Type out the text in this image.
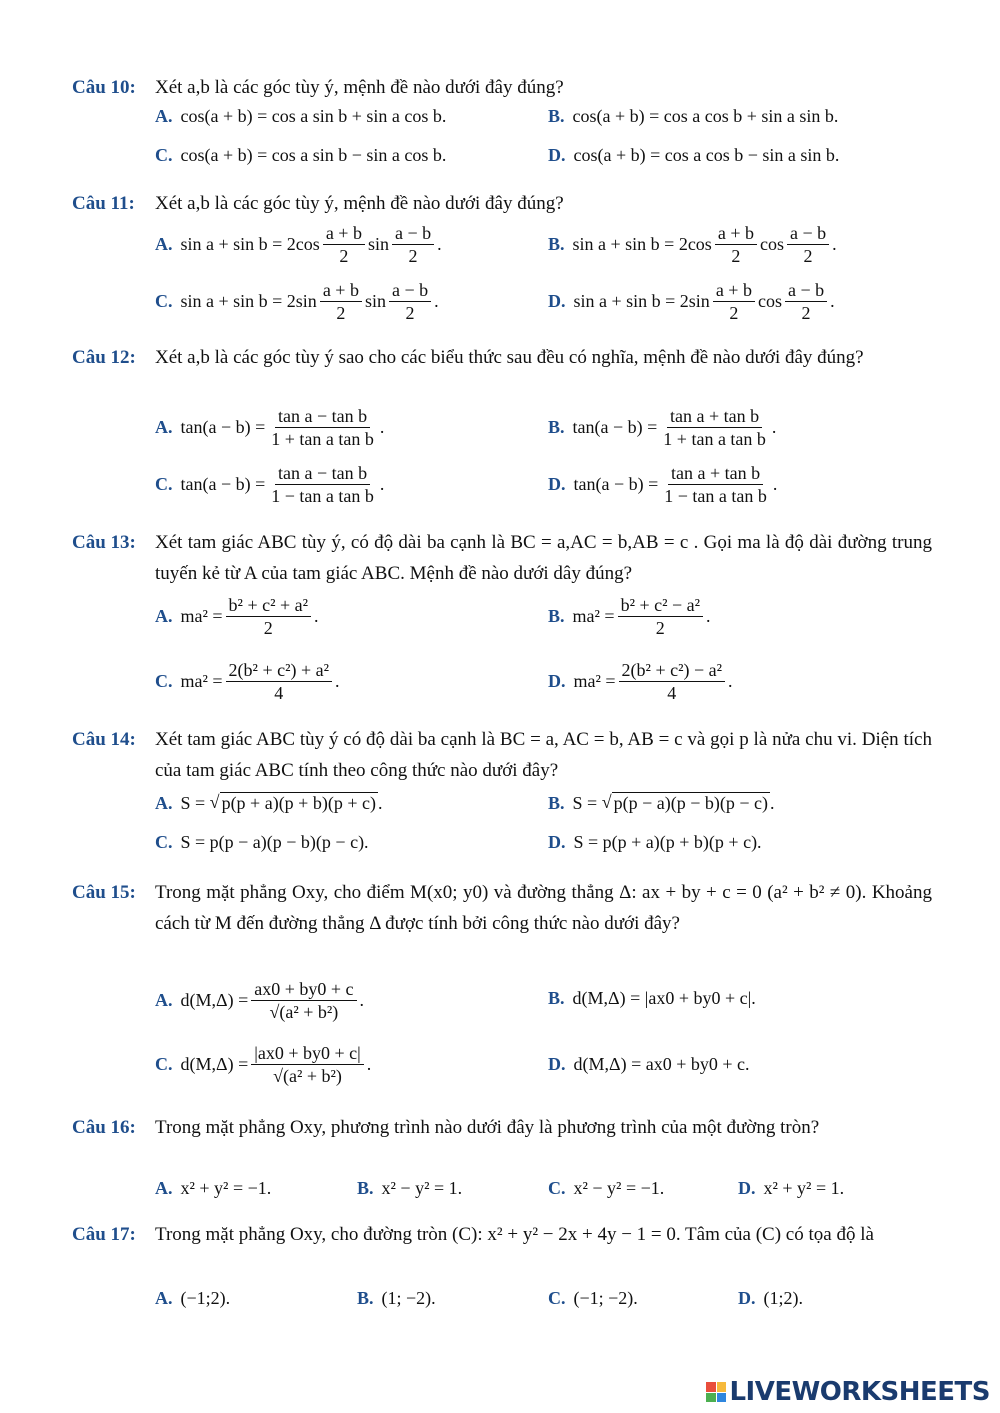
Câu 10:	Xét a,b là các góc tùy ý, mệnh đề nào dưới đây đúng?
A. cos(a + b) = cos a sin b + sin a cos b.	B. cos(a + b) = cos a cos b + sin a sin b.
C. cos(a + b) = cos a sin b − sin a cos b.	D. cos(a + b) = cos a cos b − sin a sin b.
Câu 11:	Xét a,b là các góc tùy ý, mệnh đề nào dưới đây đúng?
A. $\sin a + \sin b = 2\cos \frac{a + b}{2}$ $\sin \frac{a - b}{2}$ .	B. $\sin a + \sin b = 2\cos \frac{a + b}{2}$ $\cos \frac{a - b}{2}$ .
C. $\sin a + \sin b = 2\sin \frac{a + b}{2}$ $\sin \frac{a - b}{2}$ .	D. $\sin a + \sin b = 2\sin \frac{a + b}{2}$ $\cos \frac{a - b}{2}$ .
Câu 12:	Xét a,b là các góc tùy ý sao cho các biểu thức sau đều có nghĩa, mệnh đề nào dưới đây đúng?
A. $\tan(a - b) = \frac{\text{tan a − tan b}}{\text{1 + tan a tan b}}$ .	B. $\tan(a - b) = \frac{\text{tan a + tan b}}{\text{1 + tan a tan b}}$ .
C. $\tan(a - b) = \frac{\text{tan a − tan b}}{\text{1 − tan a tan b}}$ .	D. $\tan(a - b) = \frac{\text{tan a + tan b}}{\text{1 − tan a tan b}}$ .
Câu 13:	Xét tam giác ABC tùy ý, có độ dài ba cạnh là BC = a,AC = b,AB = c . Gọi ma là độ dài đường trung tuyến kẻ từ A của tam giác ABC. Mệnh đề nào dưới dây đúng?
A. $ma^2 = \frac{\text{b² + c² + a²}}{2}$ .	B. $ma^2 = \frac{\text{b² + c² − a²}}{2}$ .
C. $ma^2 = \frac{\text{2(b² + c²) + a²}}{4}$ .	D. $ma^2 = \frac{\text{2(b² + c²) − a²}}{4}$ .
Câu 14:	Xét tam giác ABC tùy ý có độ dài ba cạnh là BC = a, AC = b, AB = c và gọi p là nửa chu vi. Diện tích của tam giác ABC tính theo công thức nào dưới đây?
A. S = √ p(p + a)(p + b)(p + c) .	B. S = √ p(p − a)(p − b)(p − c) .
C. S = p(p − a)(p − b)(p − c).	D. S = p(p + a)(p + b)(p + c).
Câu 15:	Trong mặt phẳng Oxy, cho điểm M(x0; y0) và đường thẳng Δ: ax + by + c = 0 (a² + b² ≠ 0). Khoảng cách từ M đến đường thẳng Δ được tính bởi công thức nào dưới đây?
A. $d(M,\Delta) = \frac{ax0 + by0 + c}{\text{√(a² + b²)}}$ .	B. d(M,Δ) = |ax0 + by0 + c|.
C. $d(M,\Delta) = \frac{|ax0 + by0 + c|}{\text{√(a² + b²)}}$ .	D. d(M,Δ) = ax0 + by0 + c.
Câu 16:	Trong mặt phẳng Oxy, phương trình nào dưới đây là phương trình của một đường tròn?
A. x² + y² = −1.	B. x² − y² = 1.	C. x² − y² = −1.	D. x² + y² = 1.
Câu 17:	Trong mặt phẳng Oxy, cho đường tròn (C): x² + y² − 2x + 4y − 1 = 0. Tâm của (C) có tọa độ là
A. (−1;2).	B. (1; −2).	C. (−1; −2).	D. (1;2).
LIVEWORKSHEETS
